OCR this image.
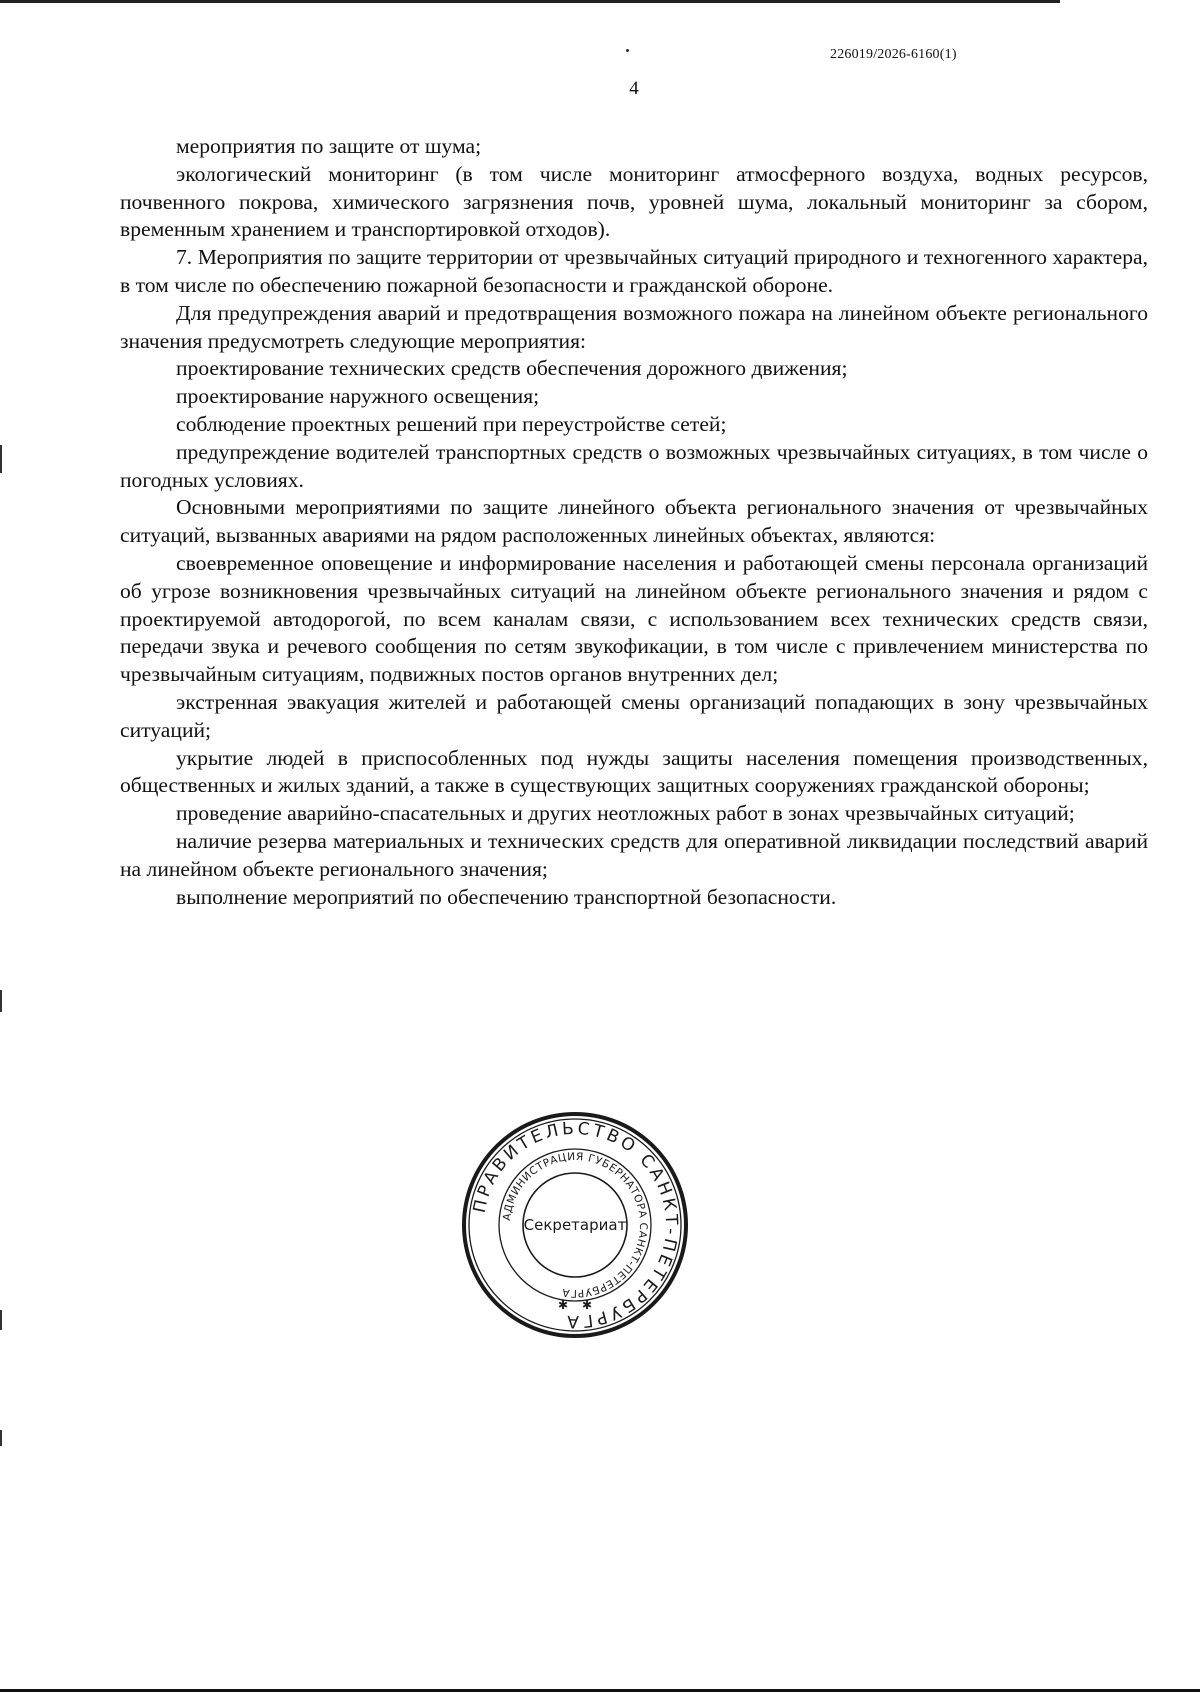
226019/2026-6160(1)
4

мероприятия по защите от шума;

экологический мониторинг (в том числе мониторинг атмосферного воздуха, водных ресурсов, почвенного покрова, химического загрязнения почв, уровней шума, локальный мониторинг за сбором, временным хранением и транспортировкой отходов).

7. Мероприятия по защите территории от чрезвычайных ситуаций природного и техногенного характера, в том числе по обеспечению пожарной безопасности и гражданской обороне.

Для предупреждения аварий и предотвращения возможного пожара на линейном объекте регионального значения предусмотреть следующие мероприятия:

проектирование технических средств обеспечения дорожного движения;

проектирование наружного освещения;

соблюдение проектных решений при переустройстве сетей;

предупреждение водителей транспортных средств о возможных чрезвычайных ситуациях, в том числе о погодных условиях.

Основными мероприятиями по защите линейного объекта регионального значения от чрезвычайных ситуаций, вызванных авариями на рядом расположенных линейных объектах, являются:

своевременное оповещение и информирование населения и работающей смены персонала организаций об угрозе возникновения чрезвычайных ситуаций на линейном объекте регионального значения и рядом с проектируемой автодорогой, по всем каналам связи, с использованием всех технических средств связи, передачи звука и речевого сообщения по сетям звукофикации, в том числе с привлечением министерства по чрезвычайным ситуациям, подвижных постов органов внутренних дел;

экстренная эвакуация жителей и работающей смены организаций попадающих в зону чрезвычайных ситуаций;

укрытие людей в приспособленных под нужды защиты населения помещения производственных, общественных и жилых зданий, а также в существующих защитных сооружениях гражданской обороны;

проведение аварийно-спасательных и других неотложных работ в зонах чрезвычайных ситуаций;

наличие резерва материальных и технических средств для оперативной ликвидации последствий аварий на линейном объекте регионального значения;

выполнение мероприятий по обеспечению транспортной безопасности.

ПРАВИТЕЛЬСТВО САНКТ-ПЕТЕРБУРГА
АДМИНИСТРАЦИЯ ГУБЕРНАТОРА САНКТ-ПЕТЕРБУРГА
Секретариат
✱ ✱
